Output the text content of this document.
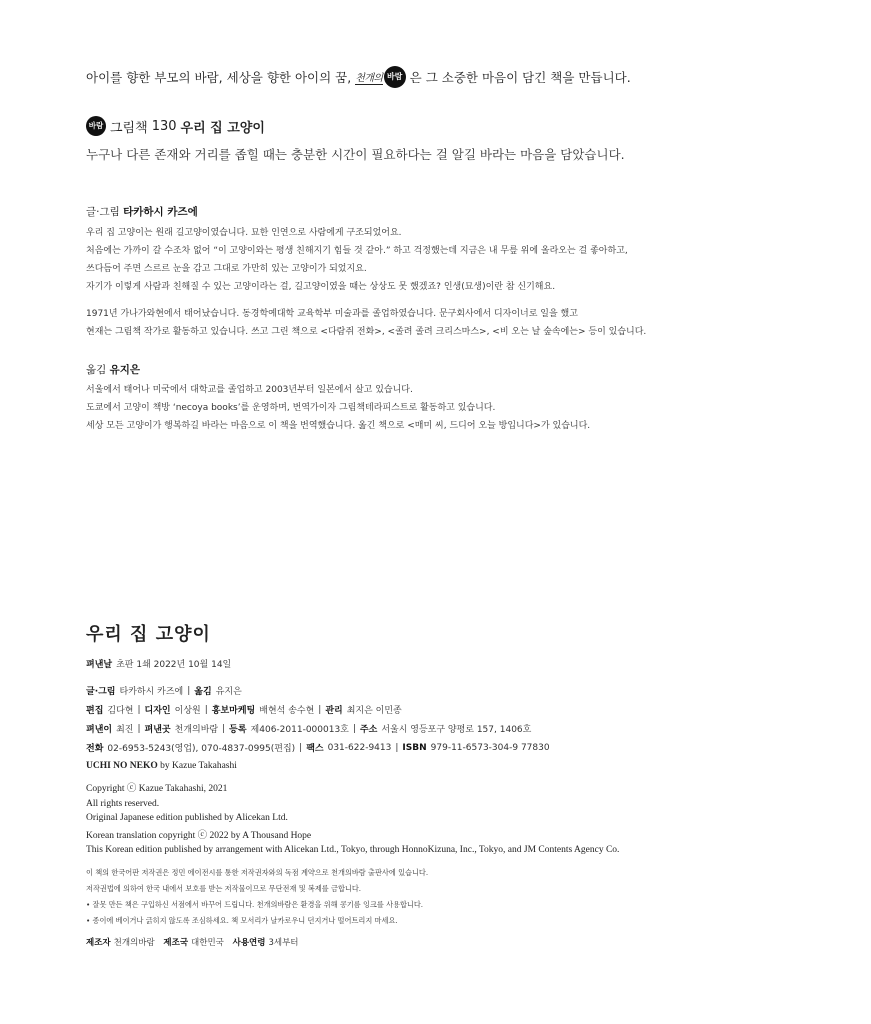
아이를 향한 부모의 바람, 세상을 향한 아이의 꿈, 천개의 바람 은 그 소중한 마음이 담긴 책을 만듭니다.
바람 그림책 130 우리 집 고양이
누구나 다른 존재와 거리를 좁힐 때는 충분한 시간이 필요하다는 걸 알길 바라는 마음을 담았습니다.
글·그림 타카하시 카즈에
우리 집 고양이는 원래 길고양이였습니다. 묘한 인연으로 사람에게 구조되었어요.
처음에는 가까이 갈 수조차 없어 “이 고양이와는 평생 친해지기 힘들 것 같아.” 하고 걱정했는데 지금은 내 무릎 위에 올라오는 걸 좋아하고,
쓰다듬어 주면 스르르 눈을 감고 그대로 가만히 있는 고양이가 되었지요.
자기가 이렇게 사람과 친해질 수 있는 고양이라는 걸, 길고양이였을 때는 상상도 못 했겠죠? 인생(묘생)이란 참 신기해요.
1971년 가나가와현에서 태어났습니다. 동경학예대학 교육학부 미술과를 졸업하였습니다. 문구회사에서 디자이너로 일을 했고
현재는 그림책 작가로 활동하고 있습니다. 쓰고 그린 책으로 <다람쥐 전화>, <졸려 졸려 크리스마스>, <비 오는 날 숲속에는> 등이 있습니다.
옮김 유지은
서울에서 태어나 미국에서 대학교를 졸업하고 2003년부터 일본에서 살고 있습니다.
도쿄에서 고양이 책방 ‘necoya books’를 운영하며, 번역가이자 그림책테라피스트로 활동하고 있습니다.
세상 모든 고양이가 행복하길 바라는 마음으로 이 책을 번역했습니다. 옮긴 책으로 <매미 씨, 드디어 오늘 방입니다>가 있습니다.
우리 집 고양이
펴낸날 초판 1쇄 2022년 10월 14일
글·그림 타카하시 카즈에 | 옮김 유지은
편집 김다현 | 디자인 이상원 | 홍보마케팅 배현석 송수현 | 관리 최지은 이민종
펴낸이 최진 | 펴낸곳 천개의바람 | 등록 제406-2011-000013호 | 주소 서울시 영등포구 양평로 157, 1406호
전화 02-6953-5243(영업), 070-4837-0995(편집) | 팩스 031-622-9413 | ISBN 979-11-6573-304-9 77830
UCHI NO NEKO by Kazue Takahashi
Copyright ⓒ Kazue Takahashi, 2021
All rights reserved.
Original Japanese edition published by Alicekan Ltd.
Korean translation copyright ⓒ 2022 by A Thousand Hope
This Korean edition published by arrangement with Alicekan Ltd., Tokyo, through HonnoKizuna, Inc., Tokyo, and JM Contents Agency Co.
이 책의 한국어판 저작권은 정민 에이전시를 통한 저작권자와의 독점 계약으로 천개의바람 출판사에 있습니다.
저작권법에 의하여 한국 내에서 보호를 받는 저작물이므로 무단전재 및 복제를 금합니다.
• 잘못 만든 책은 구입하신 서점에서 바꾸어 드립니다. 천개의바람은 환경을 위해 콩기름 잉크를 사용합니다.
• 종이에 베이거나 긁히지 않도록 조심하세요. 책 모서리가 날카로우니 던지거나 떨어트리지 마세요.
제조자 천개의바람 제조국 대한민국 사용연령 3세부터
